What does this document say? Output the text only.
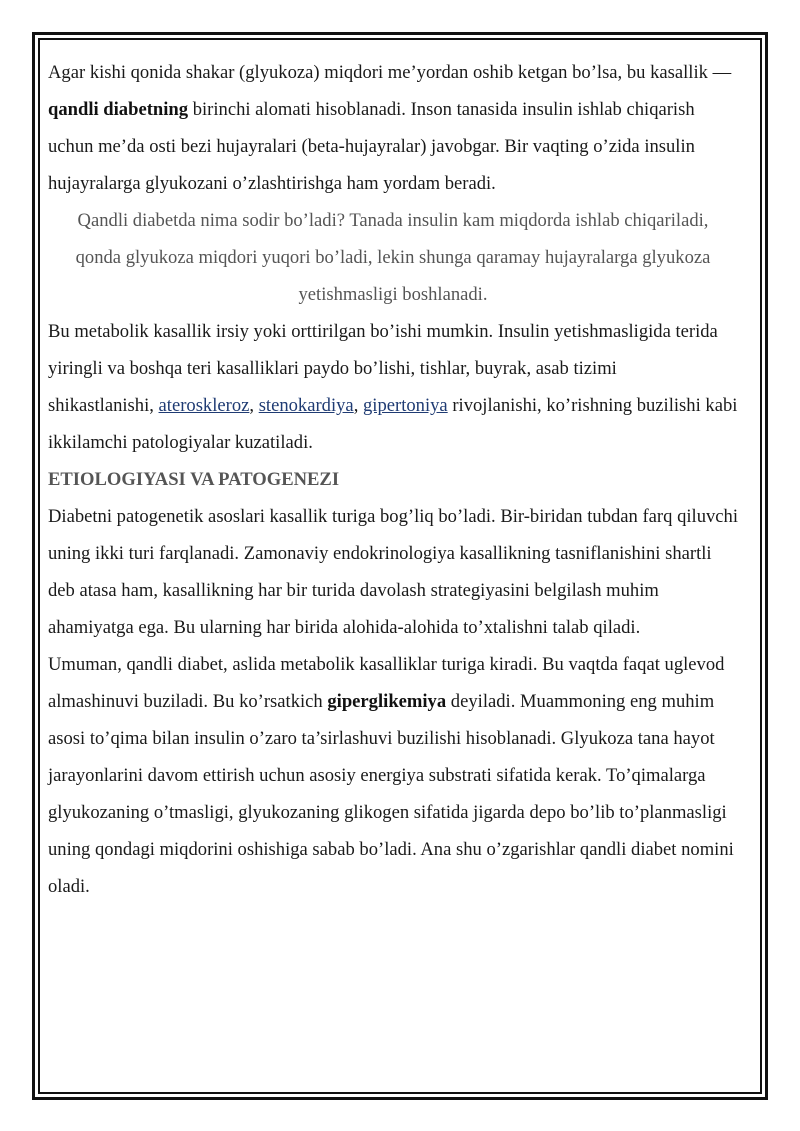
Agar kishi qonida shakar (glyukoza) miqdori me’yordan oshib ketgan bo’lsa, bu kasallik — qandli diabetning birinchi alomati hisoblanadi. Inson tanasida insulin ishlab chiqarish uchun me’da osti bezi hujayralari (beta-hujayralar) javobgar. Bir vaqting o’zida insulin hujayralarga glyukozani o’zlashtirishga ham yordam beradi.

Qandli diabetda nima sodir bo’ladi? Tanada insulin kam miqdorda ishlab chiqariladi, qonda glyukoza miqdori yuqori bo’ladi, lekin shunga qaramay hujayralarga glyukoza yetishmasligi boshlanadi.

Bu metabolik kasallik irsiy yoki orttirilgan bo’ishi mumkin. Insulin yetishmasligida terida yiringli va boshqa teri kasalliklari paydo bo’lishi, tishlar, buyrak, asab tizimi
shikastlanishi, ateroskleroz, stenokardiya, gipertoniya rivojlanishi, ko’rishning buzilishi kabi ikkilamchi patologiyalar kuzatiladi.

ETIOLOGIYASI VA PATOGENEZI

Diabetni patogenetik asoslari kasallik turiga bog’liq bo’ladi. Bir-biridan tubdan farq qiluvchi uning ikki turi farqlanadi. Zamonaviy endokrinologiya kasallikning tasniflanishini shartli deb atasa ham, kasallikning har bir turida davolash strategiyasini belgilash muhim ahamiyatga ega. Bu ularning har birida alohida-alohida to’xtalishni talab qiladi.

Umuman, qandli diabet, aslida metabolik kasalliklar turiga kiradi. Bu vaqtda faqat uglevod almashinuvi buziladi. Bu ko’rsatkich giperglikemiya deyiladi. Muammoning eng muhim asosi to’qima bilan insulin o’zaro ta’sirlashuvi buzilishi hisoblanadi. Glyukoza tana hayot jarayonlarini davom ettirish uchun asosiy energiya substrati sifatida kerak. To’qimalarga glyukozaning o’tmasligi, glyukozaning glikogen sifatida jigarda depo bo’lib to’planmasligi uning qondagi miqdorini oshishiga sabab bo’ladi. Ana shu o’zgarishlar qandli diabet nomini oladi.
